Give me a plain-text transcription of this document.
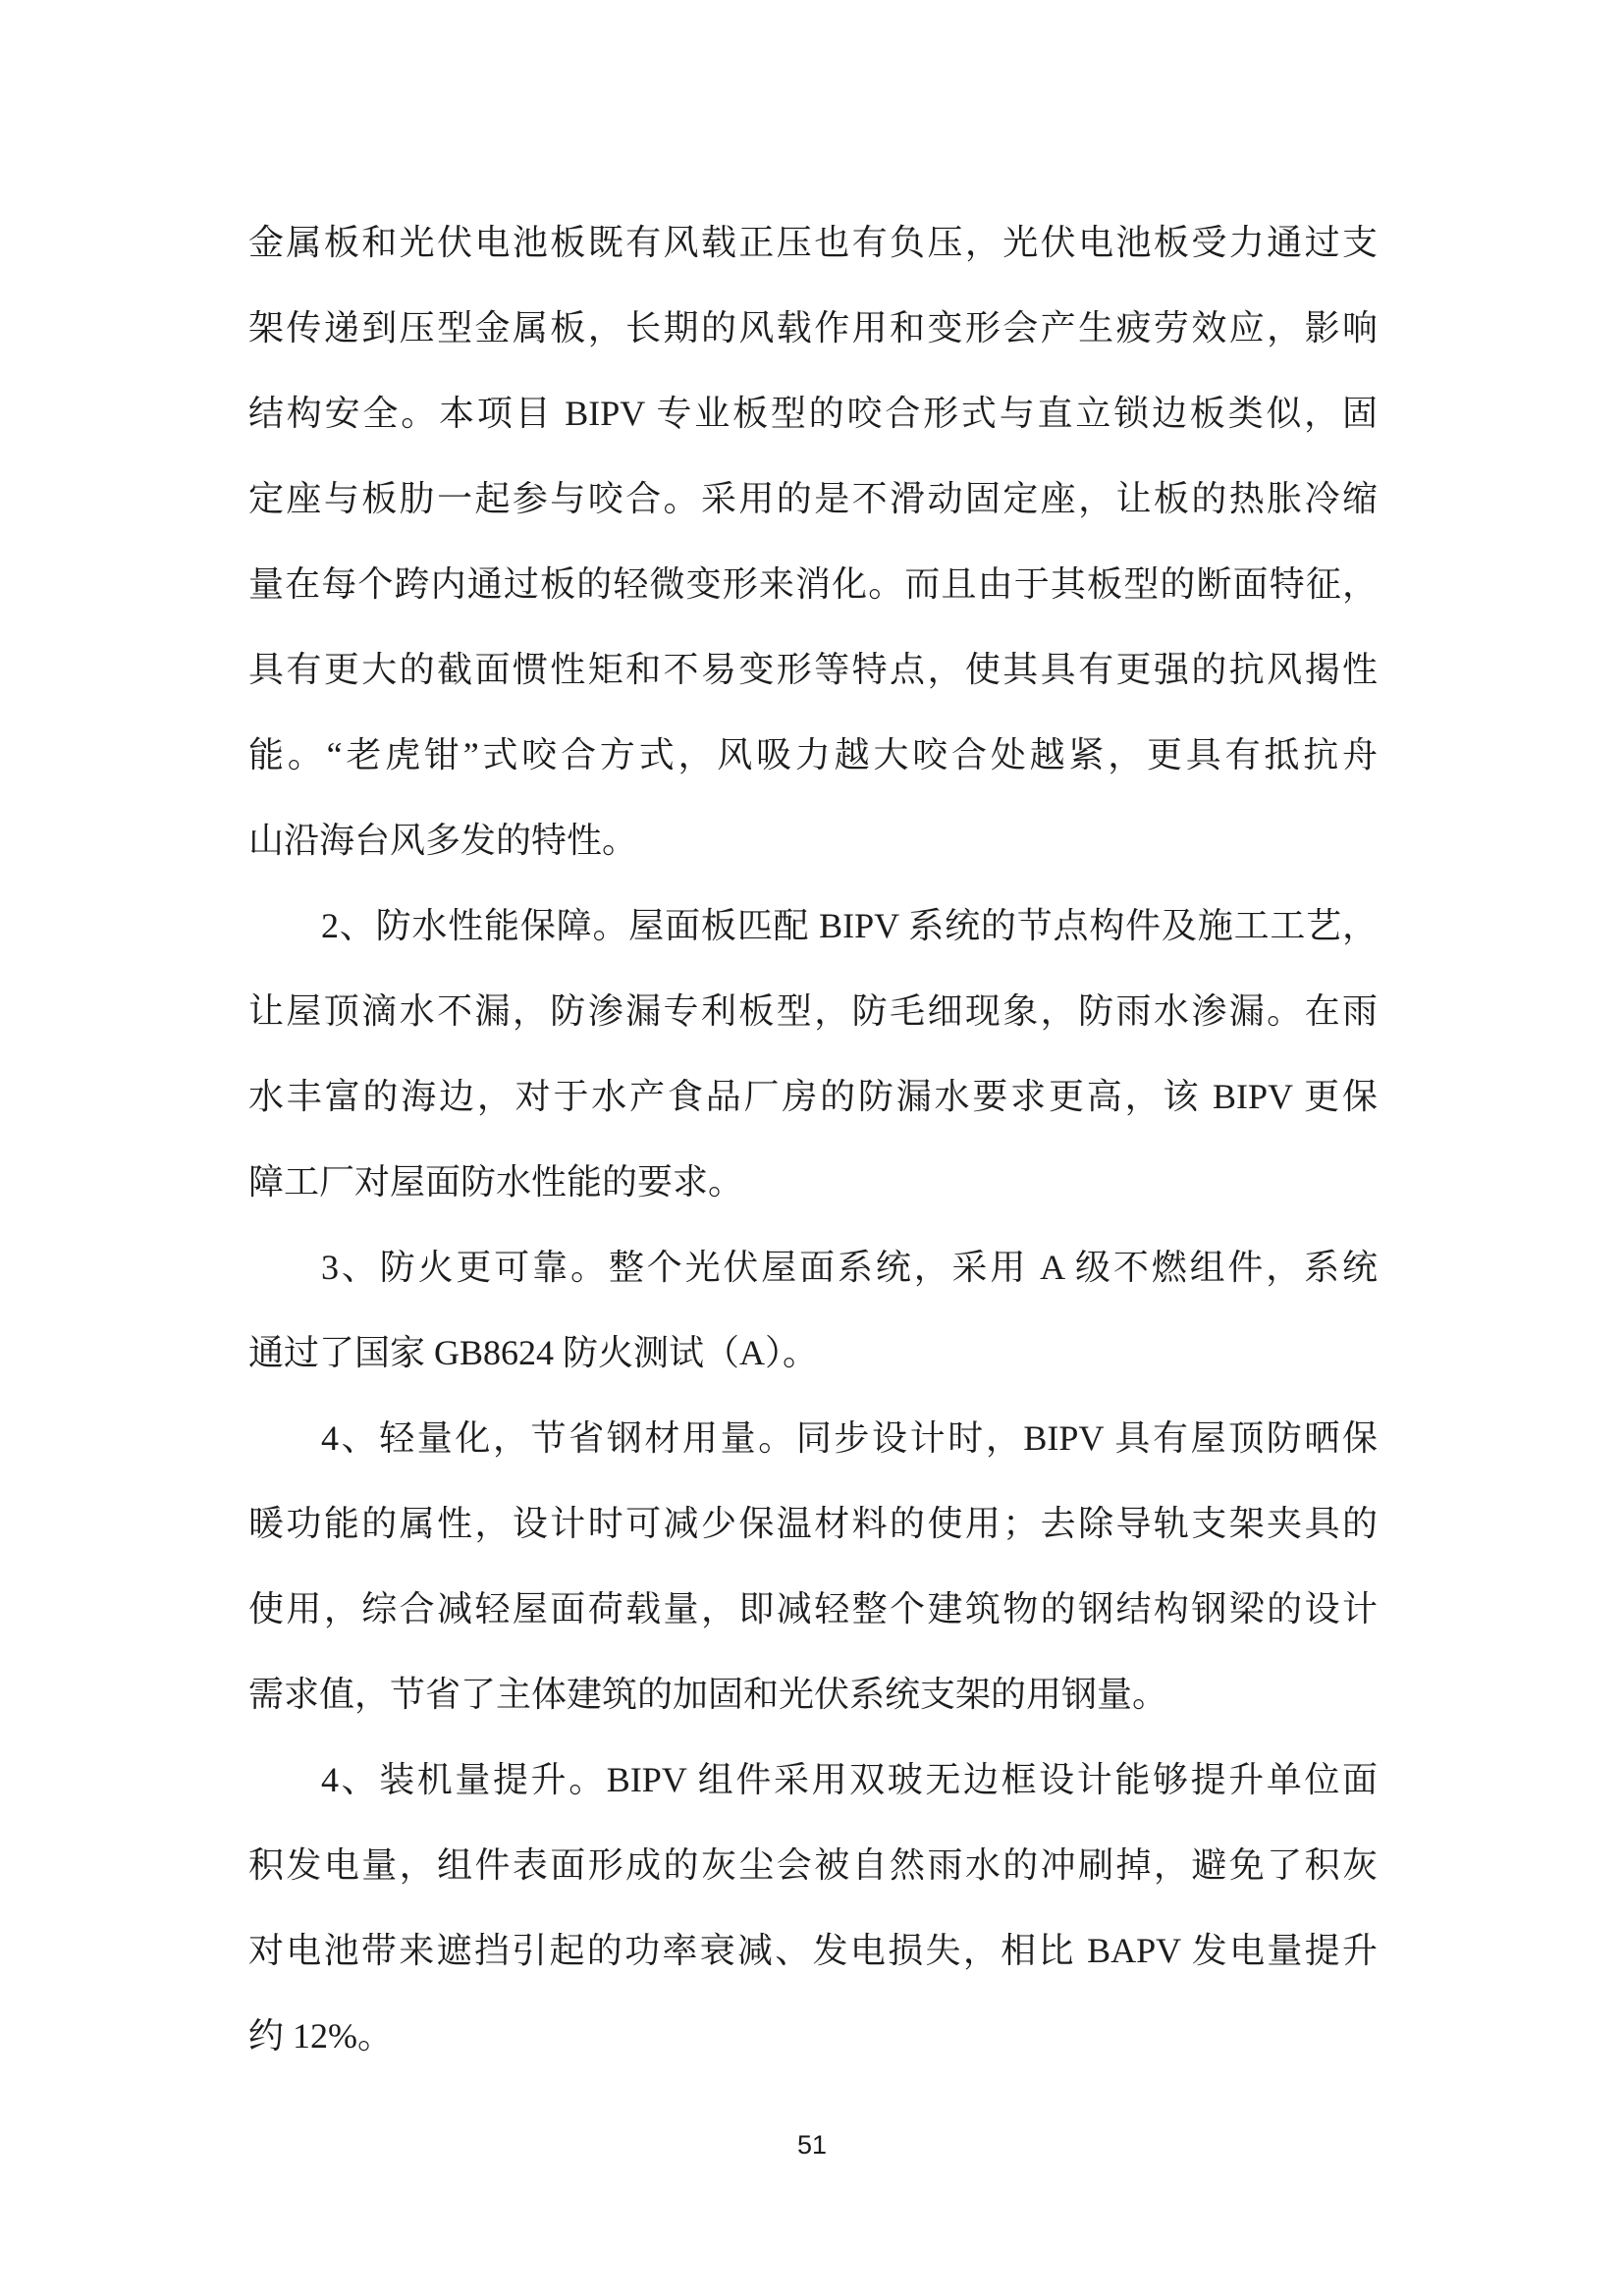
金属板和光伏电池板既有风载正压也有负压，光伏电池板受力通过支
架传递到压型金属板，长期的风载作用和变形会产生疲劳效应，影响
结构安全。本项目 BIPV 专业板型的咬合形式与直立锁边板类似，固
定座与板肋一起参与咬合。采用的是不滑动固定座，让板的热胀冷缩
量在每个跨内通过板的轻微变形来消化。而且由于其板型的断面特征，
具有更大的截面惯性矩和不易变形等特点，使其具有更强的抗风揭性
能。“老虎钳”式咬合方式，风吸力越大咬合处越紧，更具有抵抗舟
山沿海台风多发的特性。
2、防水性能保障。屋面板匹配 BIPV 系统的节点构件及施工工艺，
让屋顶滴水不漏，防渗漏专利板型，防毛细现象，防雨水渗漏。在雨
水丰富的海边，对于水产食品厂房的防漏水要求更高，该 BIPV 更保
障工厂对屋面防水性能的要求。
3、防火更可靠。整个光伏屋面系统，采用 A 级不燃组件，系统
通过了国家 GB8624 防火测试（A）。
4、轻量化，节省钢材用量。同步设计时，BIPV 具有屋顶防晒保
暖功能的属性，设计时可减少保温材料的使用；去除导轨支架夹具的
使用，综合减轻屋面荷载量，即减轻整个建筑物的钢结构钢梁的设计
需求值，节省了主体建筑的加固和光伏系统支架的用钢量。
4、装机量提升。BIPV 组件采用双玻无边框设计能够提升单位面
积发电量，组件表面形成的灰尘会被自然雨水的冲刷掉，避免了积灰
对电池带来遮挡引起的功率衰减、发电损失，相比 BAPV 发电量提升
约 12%。
51
